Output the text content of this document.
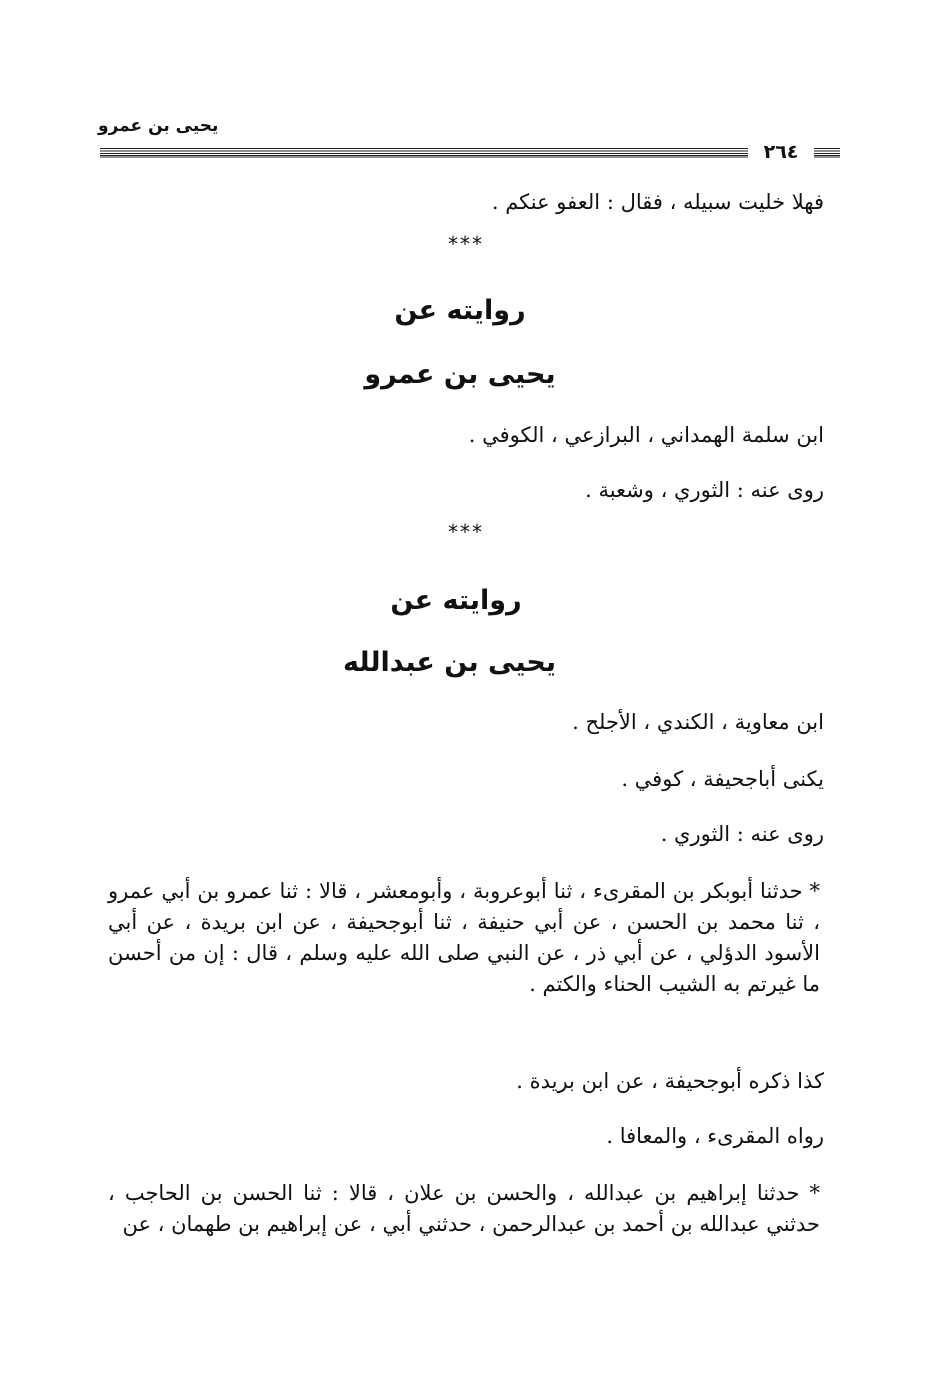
يحيى بن عمرو
٢٦٤
فهلا خليت سبيله ، فقال : العفو عنكم .
***
روايته عن
يحيى بن عمرو
ابن سلمة الهمداني ، البرازعي ، الكوفي .
روى عنه : الثوري ، وشعبة .
***
روايته عن
يحيى بن عبدالله
ابن معاوية ، الكندي ، الأجلح .
يكنى أباجحيفة ، كوفي .
روى عنه : الثوري .
* حدثنا أبوبكر بن المقرىء ، ثنا أبوعروبة ، وأبومعشر ، قالا : ثنا عمرو بن أبي عمرو ، ثنا محمد بن الحسن ، عن أبي حنيفة ، ثنا أبوجحيفة ، عن ابن بريدة ، عن أبي الأسود الدؤلي ، عن أبي ذر ، عن النبي صلى الله عليه وسلم ، قال : إن من أحسن ما غيرتم به الشيب الحناء والكتم .
كذا ذكره أبوجحيفة ، عن ابن بريدة .
رواه المقرىء ، والمعافا .
* حدثنا إبراهيم بن عبدالله ، والحسن بن علان ، قالا : ثنا الحسن بن الحاجب ، حدثني عبدالله بن أحمد بن عبدالرحمن ، حدثني أبي ، عن إبراهيم بن طهمان ، عن
